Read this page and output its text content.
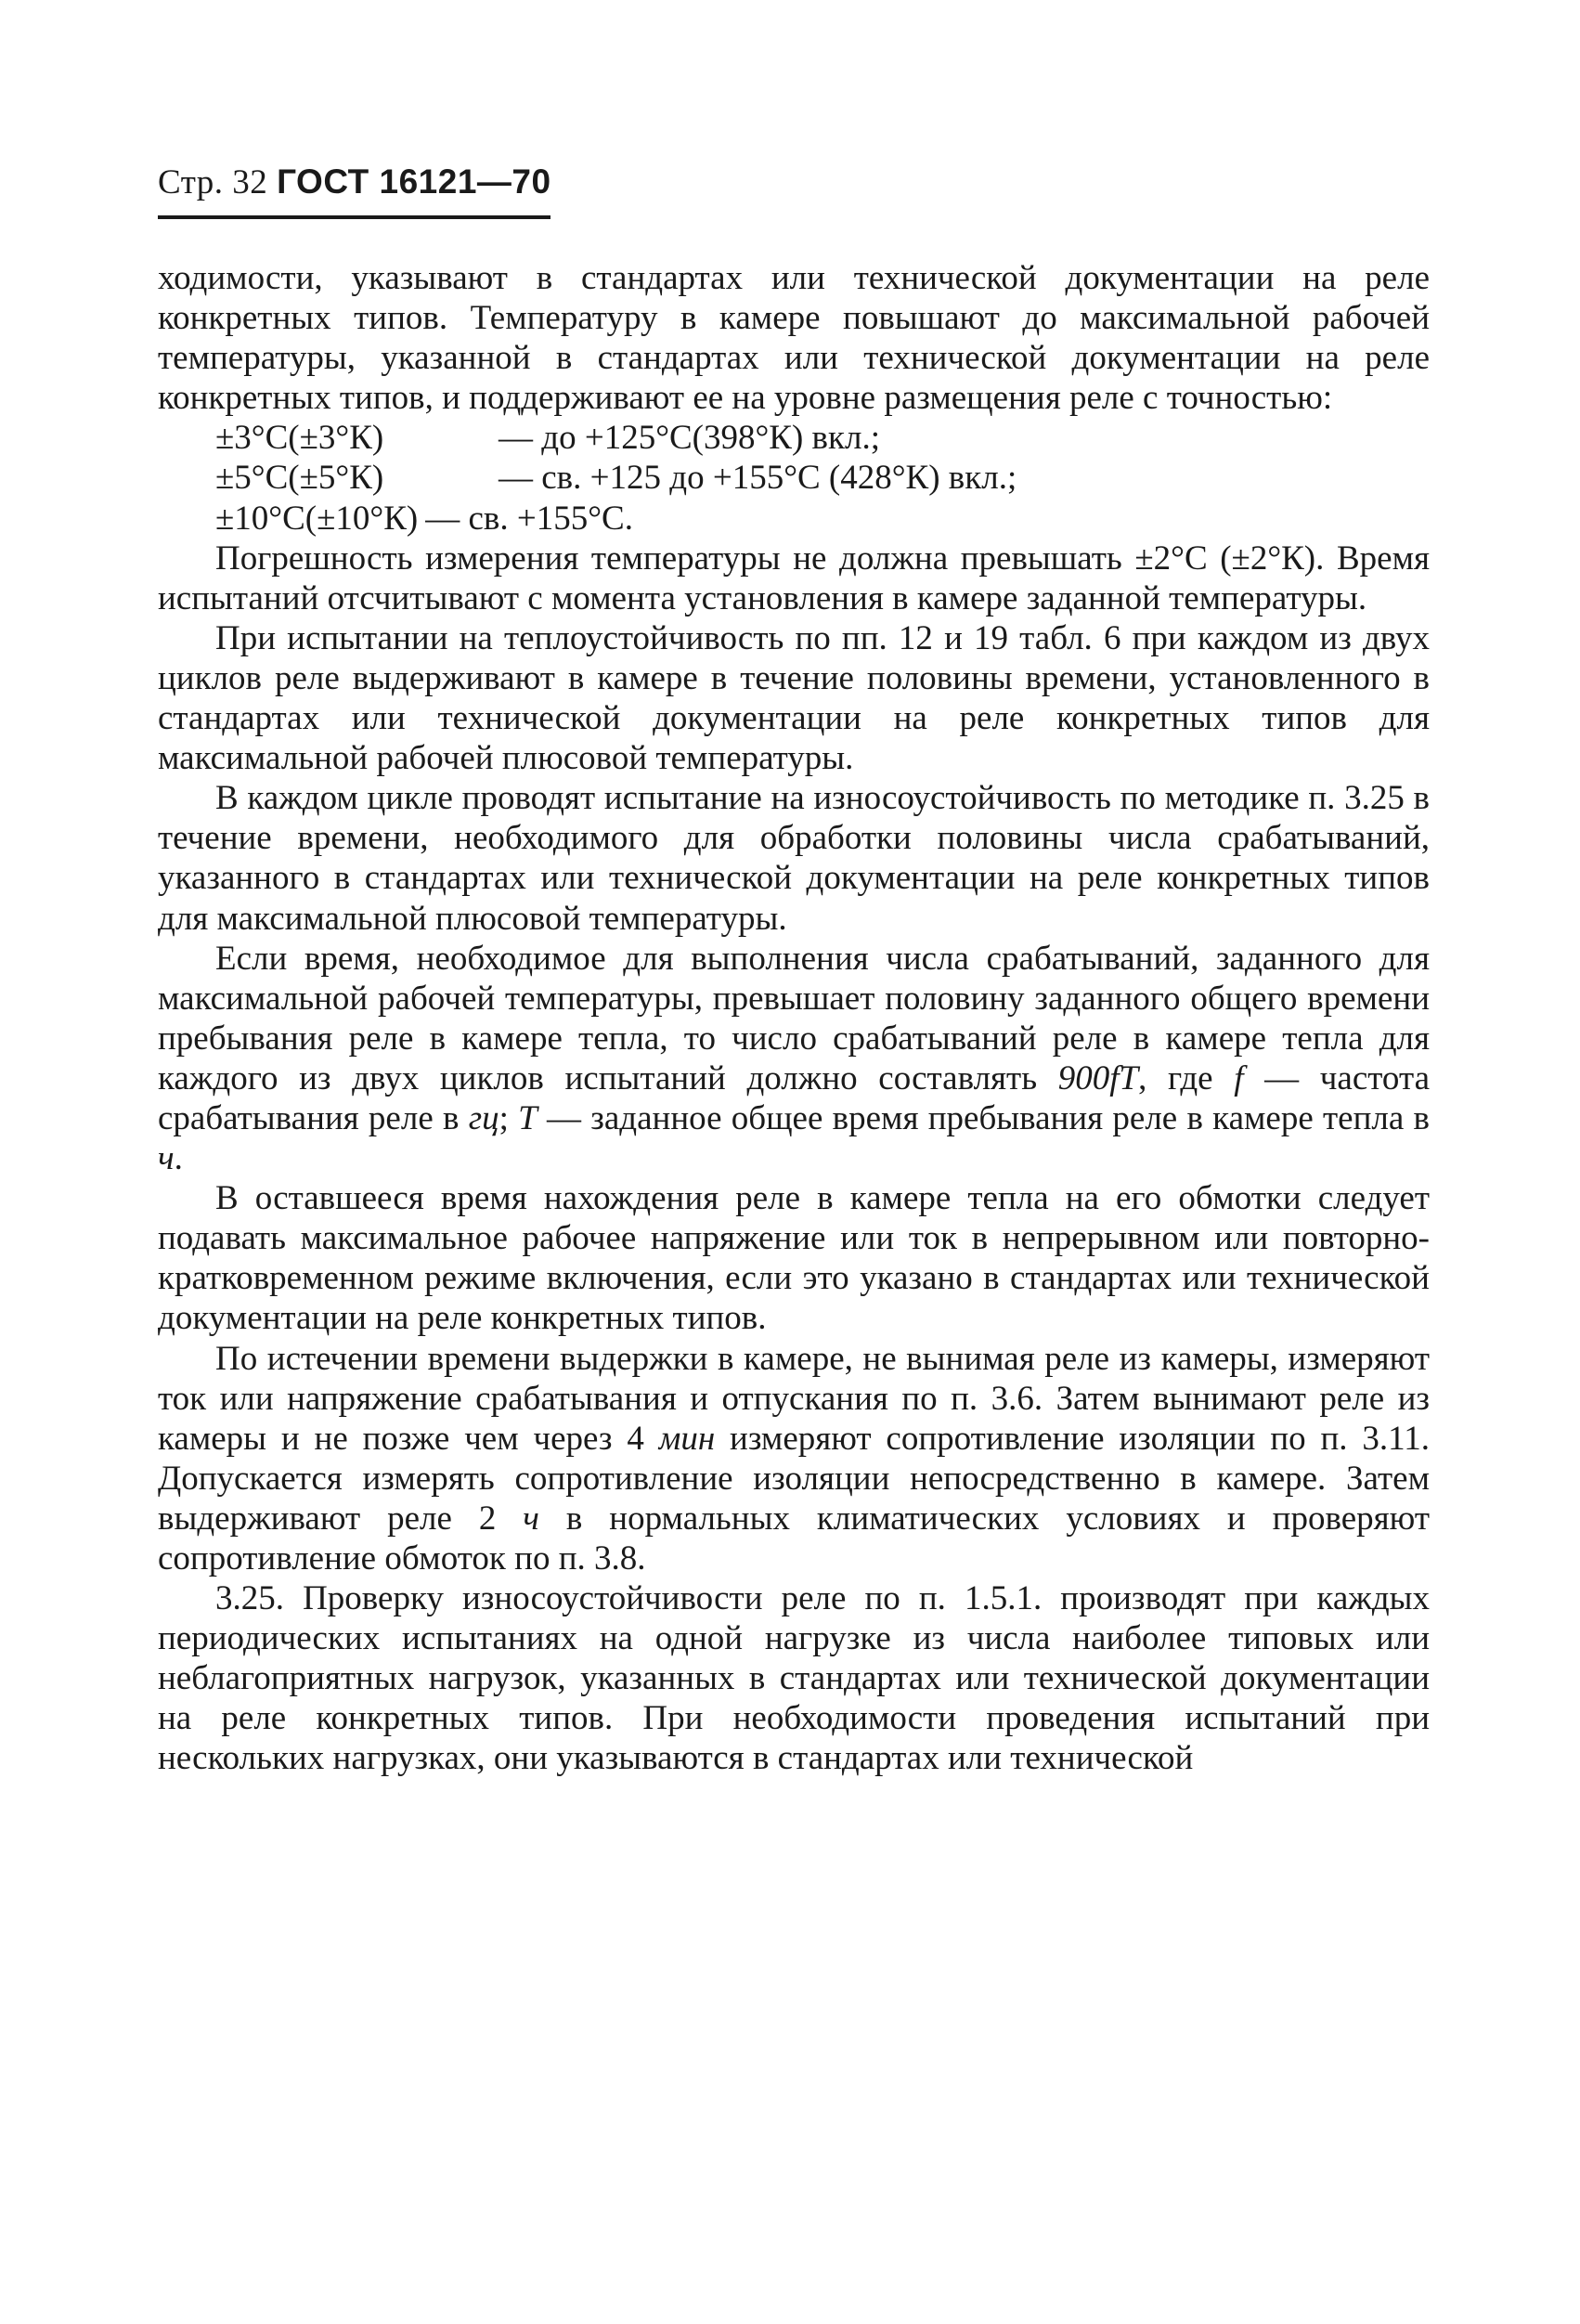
Стр. 32 ГОСТ 16121—70

ходимости, указывают в стандартах или технической документации на реле конкретных типов. Температуру в камере повышают до максимальной рабочей температуры, указанной в стандартах или технической документации на реле конкретных типов, и поддерживают ее на уровне размещения реле с точностью:

±3°С(±3°К)	— до +125°С(398°К) вкл.;
±5°С(±5°К)	— св. +125 до +155°С (428°К) вкл.;
±10°С(±10°К) — св. +155°С.

Погрешность измерения температуры не должна превышать ±2°С (±2°К). Время испытаний отсчитывают с момента установления в камере заданной температуры.

При испытании на теплоустойчивость по пп. 12 и 19 табл. 6 при каждом из двух циклов реле выдерживают в камере в течение половины времени, установленного в стандартах или технической документации на реле конкретных типов для максимальной рабочей плюсовой температуры.

В каждом цикле проводят испытание на износоустойчивость по методике п. 3.25 в течение времени, необходимого для обработки половины числа срабатываний, указанного в стандартах или технической документации на реле конкретных типов для максимальной плюсовой температуры.

Если время, необходимое для выполнения числа срабатываний, заданного для максимальной рабочей температуры, превышает половину заданного общего времени пребывания реле в камере тепла, то число срабатываний реле в камере тепла для каждого из двух циклов испытаний должно составлять 900fT, где f — частота срабатывания реле в гц; T — заданное общее время пребывания реле в камере тепла в ч.

В оставшееся время нахождения реле в камере тепла на его обмотки следует подавать максимальное рабочее напряжение или ток в непрерывном или повторно-кратковременном режиме включения, если это указано в стандартах или технической документации на реле конкретных типов.

По истечении времени выдержки в камере, не вынимая реле из камеры, измеряют ток или напряжение срабатывания и отпускания по п. 3.6. Затем вынимают реле из камеры и не позже чем через 4 мин измеряют сопротивление изоляции по п. 3.11. Допускается измерять сопротивление изоляции непосредственно в камере. Затем выдерживают реле 2 ч в нормальных климатических условиях и проверяют сопротивление обмоток по п. 3.8.

3.25. Проверку износоустойчивости реле по п. 1.5.1. производят при каждых периодических испытаниях на одной нагрузке из числа наиболее типовых или неблагоприятных нагрузок, указанных в стандартах или технической документации на реле конкретных типов. При необходимости проведения испытаний при нескольких нагрузках, они указываются в стандартах или технической
